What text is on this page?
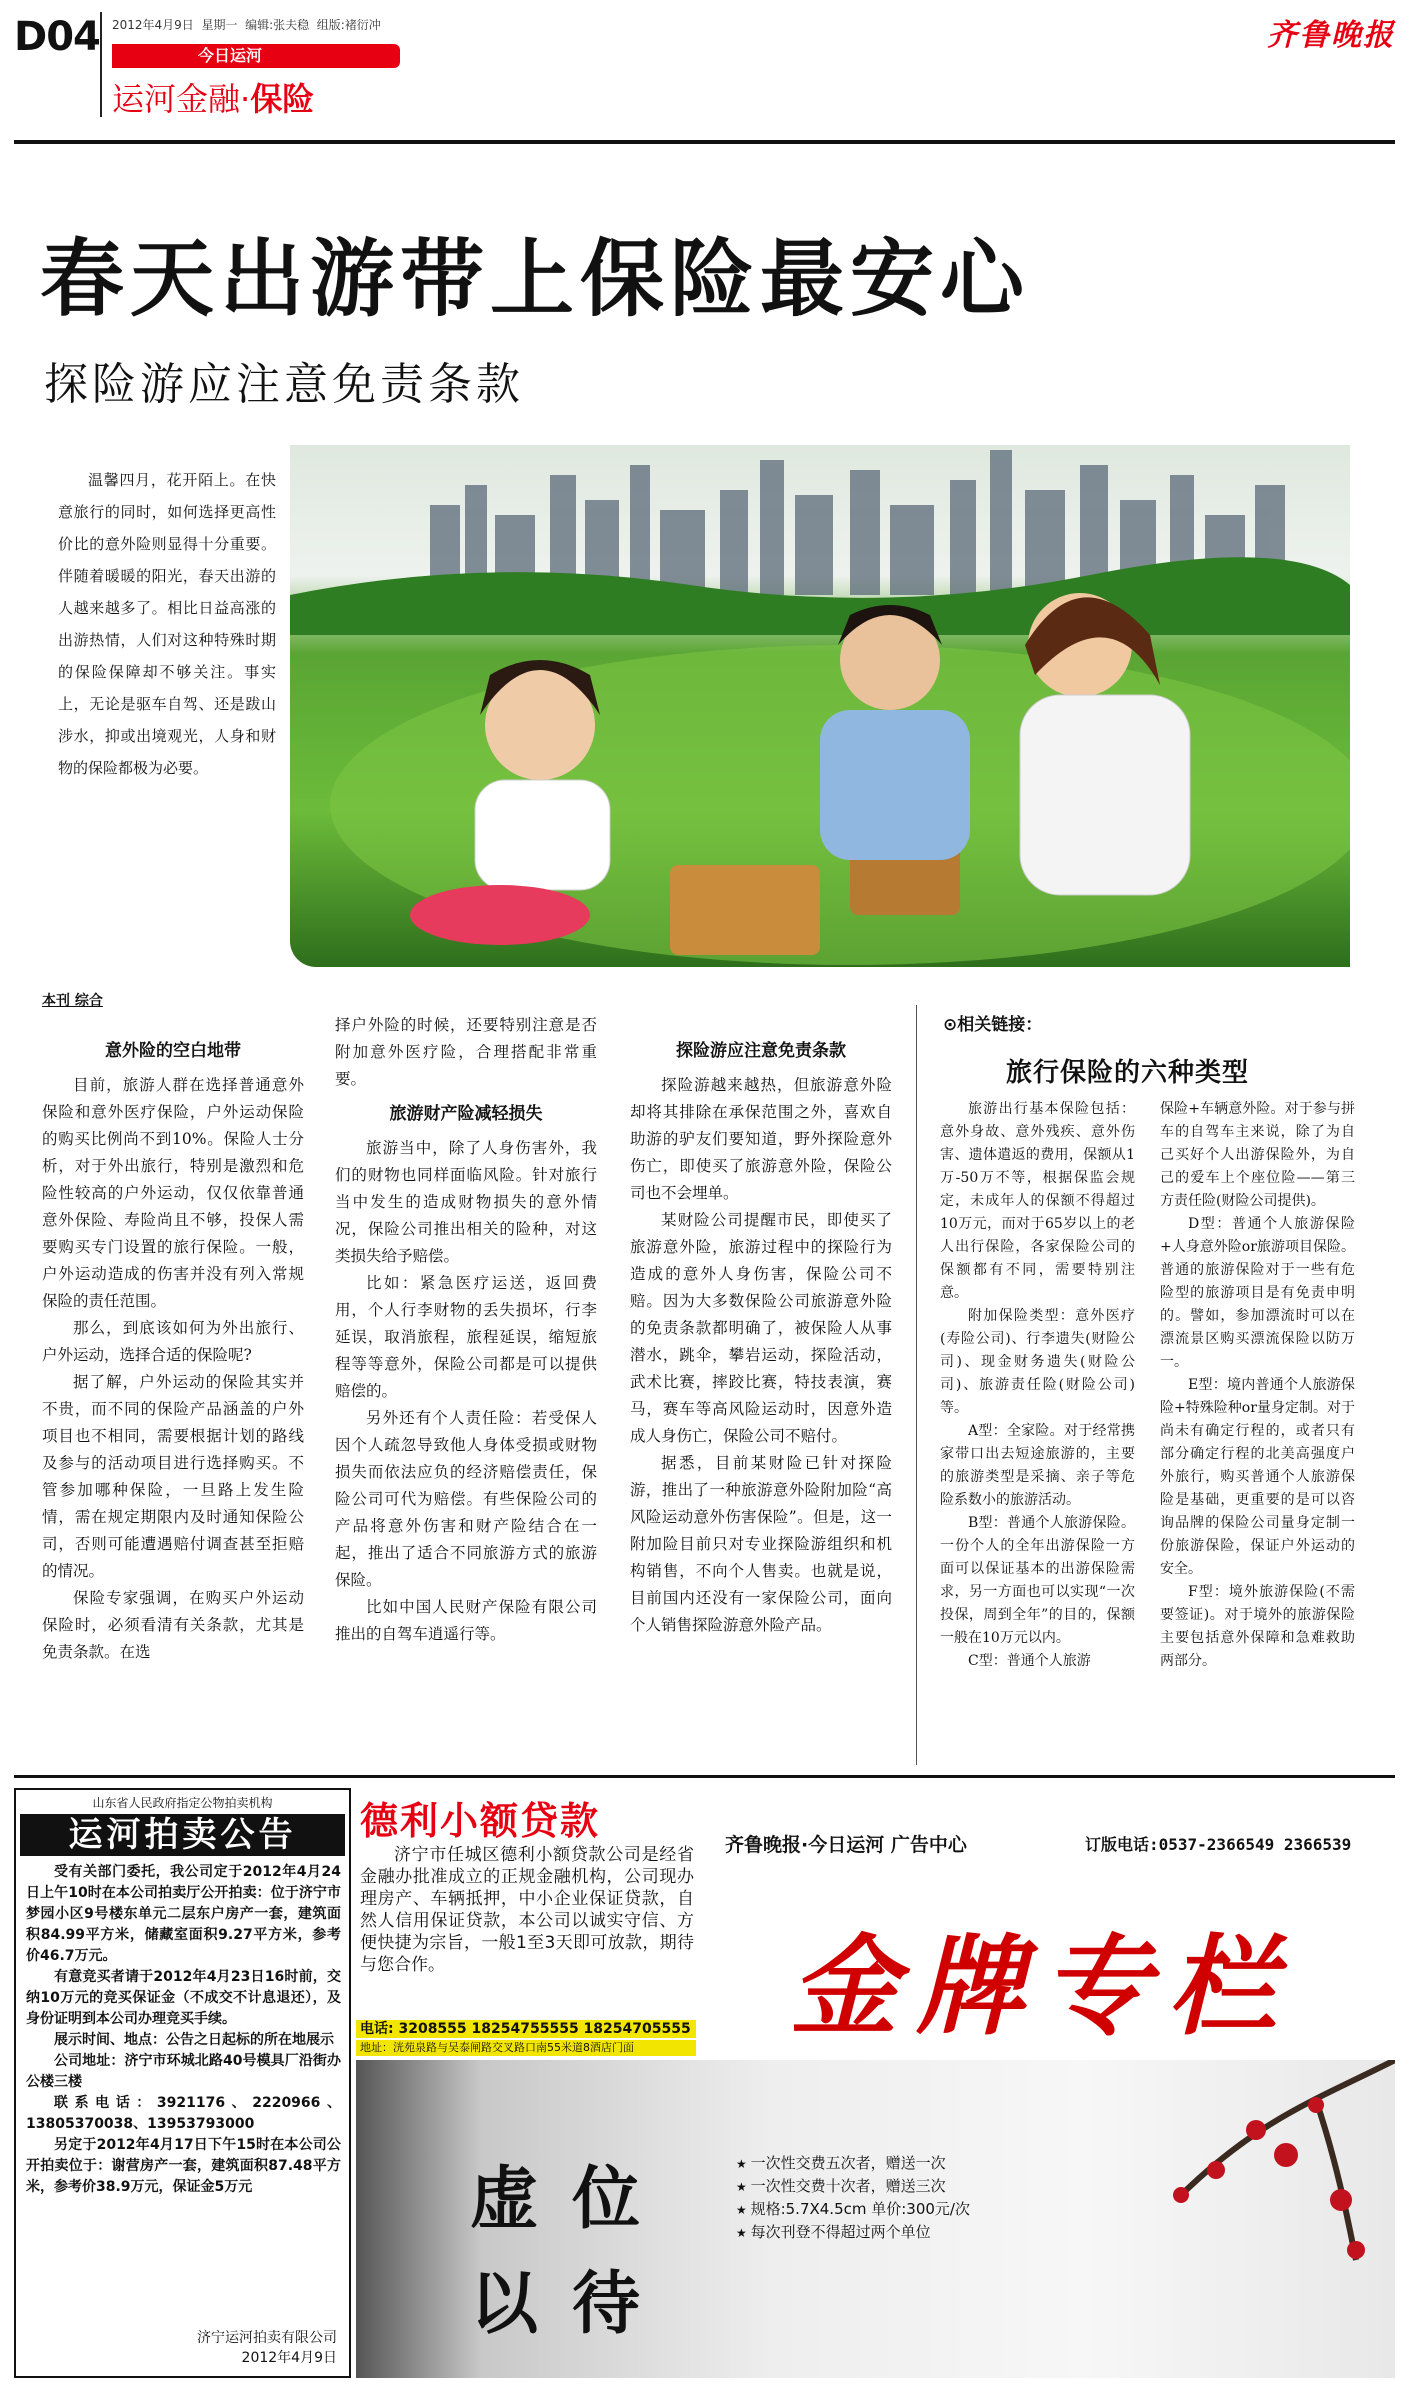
D04 2012年4月9日  星期一  编辑:张夫稳  组版:褚衍冲
今日运河
运河金融·保险
齐鲁晚报
春天出游带上保险最安心
探险游应注意免责条款
温馨四月，花开陌上。在快意旅行的同时，如何选择更高性价比的意外险则显得十分重要。伴随着暖暖的阳光，春天出游的人越来越多了。相比日益高涨的出游热情，人们对这种特殊时期的保险保障却不够关注。事实上，无论是驱车自驾、还是跋山涉水，抑或出境观光，人身和财物的保险都极为必要。
本刊 综合
意外险的空白地带

目前，旅游人群在选择普通意外保险和意外医疗保险，户外运动保险的购买比例尚不到10%。保险人士分析，对于外出旅行，特别是激烈和危险性较高的户外运动，仅仅依靠普通意外保险、寿险尚且不够，投保人需要购买专门设置的旅行保险。一般，户外运动造成的伤害并没有列入常规保险的责任范围。

那么，到底该如何为外出旅行、户外运动，选择合适的保险呢?

据了解，户外运动的保险其实并不贵，而不同的保险产品涵盖的户外项目也不相同，需要根据计划的路线及参与的活动项目进行选择购买。不管参加哪种保险，一旦路上发生险情，需在规定期限内及时通知保险公司，否则可能遭遇赔付调查甚至拒赔的情况。

保险专家强调，在购买户外运动保险时，必须看清有关条款，尤其是免责条款。在选

择户外险的时候，还要特别注意是否附加意外医疗险，合理搭配非常重要。

旅游财产险减轻损失

旅游当中，除了人身伤害外，我们的财物也同样面临风险。针对旅行当中发生的造成财物损失的意外情况，保险公司推出相关的险种，对这类损失给予赔偿。

比如：紧急医疗运送，返回费用，个人行李财物的丢失损坏，行李延误，取消旅程，旅程延误，缩短旅程等等意外，保险公司都是可以提供赔偿的。

另外还有个人责任险：若受保人因个人疏忽导致他人身体受损或财物损失而依法应负的经济赔偿责任，保险公司可代为赔偿。有些保险公司的产品将意外伤害和财产险结合在一起，推出了适合不同旅游方式的旅游保险。

比如中国人民财产保险有限公司推出的自驾车逍遥行等。

探险游应注意免责条款

探险游越来越热，但旅游意外险却将其排除在承保范围之外，喜欢自助游的驴友们要知道，野外探险意外伤亡，即使买了旅游意外险，保险公司也不会埋单。

某财险公司提醒市民，即使买了旅游意外险，旅游过程中的探险行为造成的意外人身伤害，保险公司不赔。因为大多数保险公司旅游意外险的免责条款都明确了，被保险人从事潜水，跳伞，攀岩运动，探险活动，武术比赛，摔跤比赛，特技表演，赛马，赛车等高风险运动时，因意外造成人身伤亡，保险公司不赔付。

据悉，目前某财险已针对探险游，推出了一种旅游意外险附加险“高风险运动意外伤害保险”。但是，这一附加险目前只对专业探险游组织和机构销售，不向个人售卖。也就是说，目前国内还没有一家保险公司，面向个人销售探险游意外险产品。

⊙相关链接：
旅行保险的六种类型

旅游出行基本保险包括：意外身故、意外残疾、意外伤害、遗体遣返的费用，保额从1万-50万不等，根据保监会规定，未成年人的保额不得超过10万元，而对于65岁以上的老人出行保险，各家保险公司的保额都有不同，需要特别注意。

附加保险类型：意外医疗(寿险公司)、行李遗失(财险公司)、现金财务遗失(财险公司)、旅游责任险(财险公司)等。

A型：全家险。对于经常携家带口出去短途旅游的，主要的旅游类型是采摘、亲子等危险系数小的旅游活动。

B型：普通个人旅游保险。一份个人的全年出游保险一方面可以保证基本的出游保险需求，另一方面也可以实现“一次投保，周到全年”的目的，保额一般在10万元以内。

C型：普通个人旅游

保险+车辆意外险。对于参与拼车的自驾车主来说，除了为自己买好个人出游保险外，为自己的爱车上个座位险——第三方责任险(财险公司提供)。

D型：普通个人旅游保险+人身意外险or旅游项目保险。普通的旅游保险对于一些有危险型的旅游项目是有免责申明的。譬如，参加漂流时可以在漂流景区购买漂流保险以防万一。

E型：境内普通个人旅游保险+特殊险种or量身定制。对于尚未有确定行程的，或者只有部分确定行程的北美高强度户外旅行，购买普通个人旅游保险是基础，更重要的是可以咨询品牌的保险公司量身定制一份旅游保险，保证户外运动的安全。

F型：境外旅游保险(不需要签证)。对于境外的旅游保险主要包括意外保障和急难救助两部分。

山东省人民政府指定公物拍卖机构
运河拍卖公告

受有关部门委托，我公司定于2012年4月24日上午10时在本公司拍卖厅公开拍卖：位于济宁市梦园小区9号楼东单元二层东户房产一套，建筑面积84.99平方米，储藏室面积9.27平方米，参考价46.7万元。

有意竞买者请于2012年4月23日16时前，交纳10万元的竞买保证金（不成交不计息退还），及身份证明到本公司办理竞买手续。

展示时间、地点：公告之日起标的所在地展示

公司地址：济宁市环城北路40号模具厂沿街办公楼三楼

联系电话：3921176、2220966、13805370038、13953793000

另定于2012年4月17日下午15时在本公司公开拍卖位于：谢营房产一套，建筑面积87.48平方米，参考价38.9万元，保证金5万元

济宁运河拍卖有限公司
2012年4月9日
德利小额贷款

济宁市任城区德利小额贷款公司是经省金融办批准成立的正规金融机构，公司现办理房产、车辆抵押，中小企业保证贷款，自然人信用保证贷款，本公司以诚实守信、方便快捷为宗旨，一般1至3天即可放款，期待与您合作。

电话: 3208555 18254755555 18254705555
地址：洸苑泉路与吴泰闸路交叉路口南55米道8酒店门面
齐鲁晚报·今日运河 广告中心	订版电话:0537-2366549 2366539
金牌专栏
虚位
以待
★ 一次性交费五次者，赠送一次
★ 一次性交费十次者，赠送三次
★ 规格:5.7X4.5cm 单价:300元/次
★ 每次刊登不得超过两个单位
